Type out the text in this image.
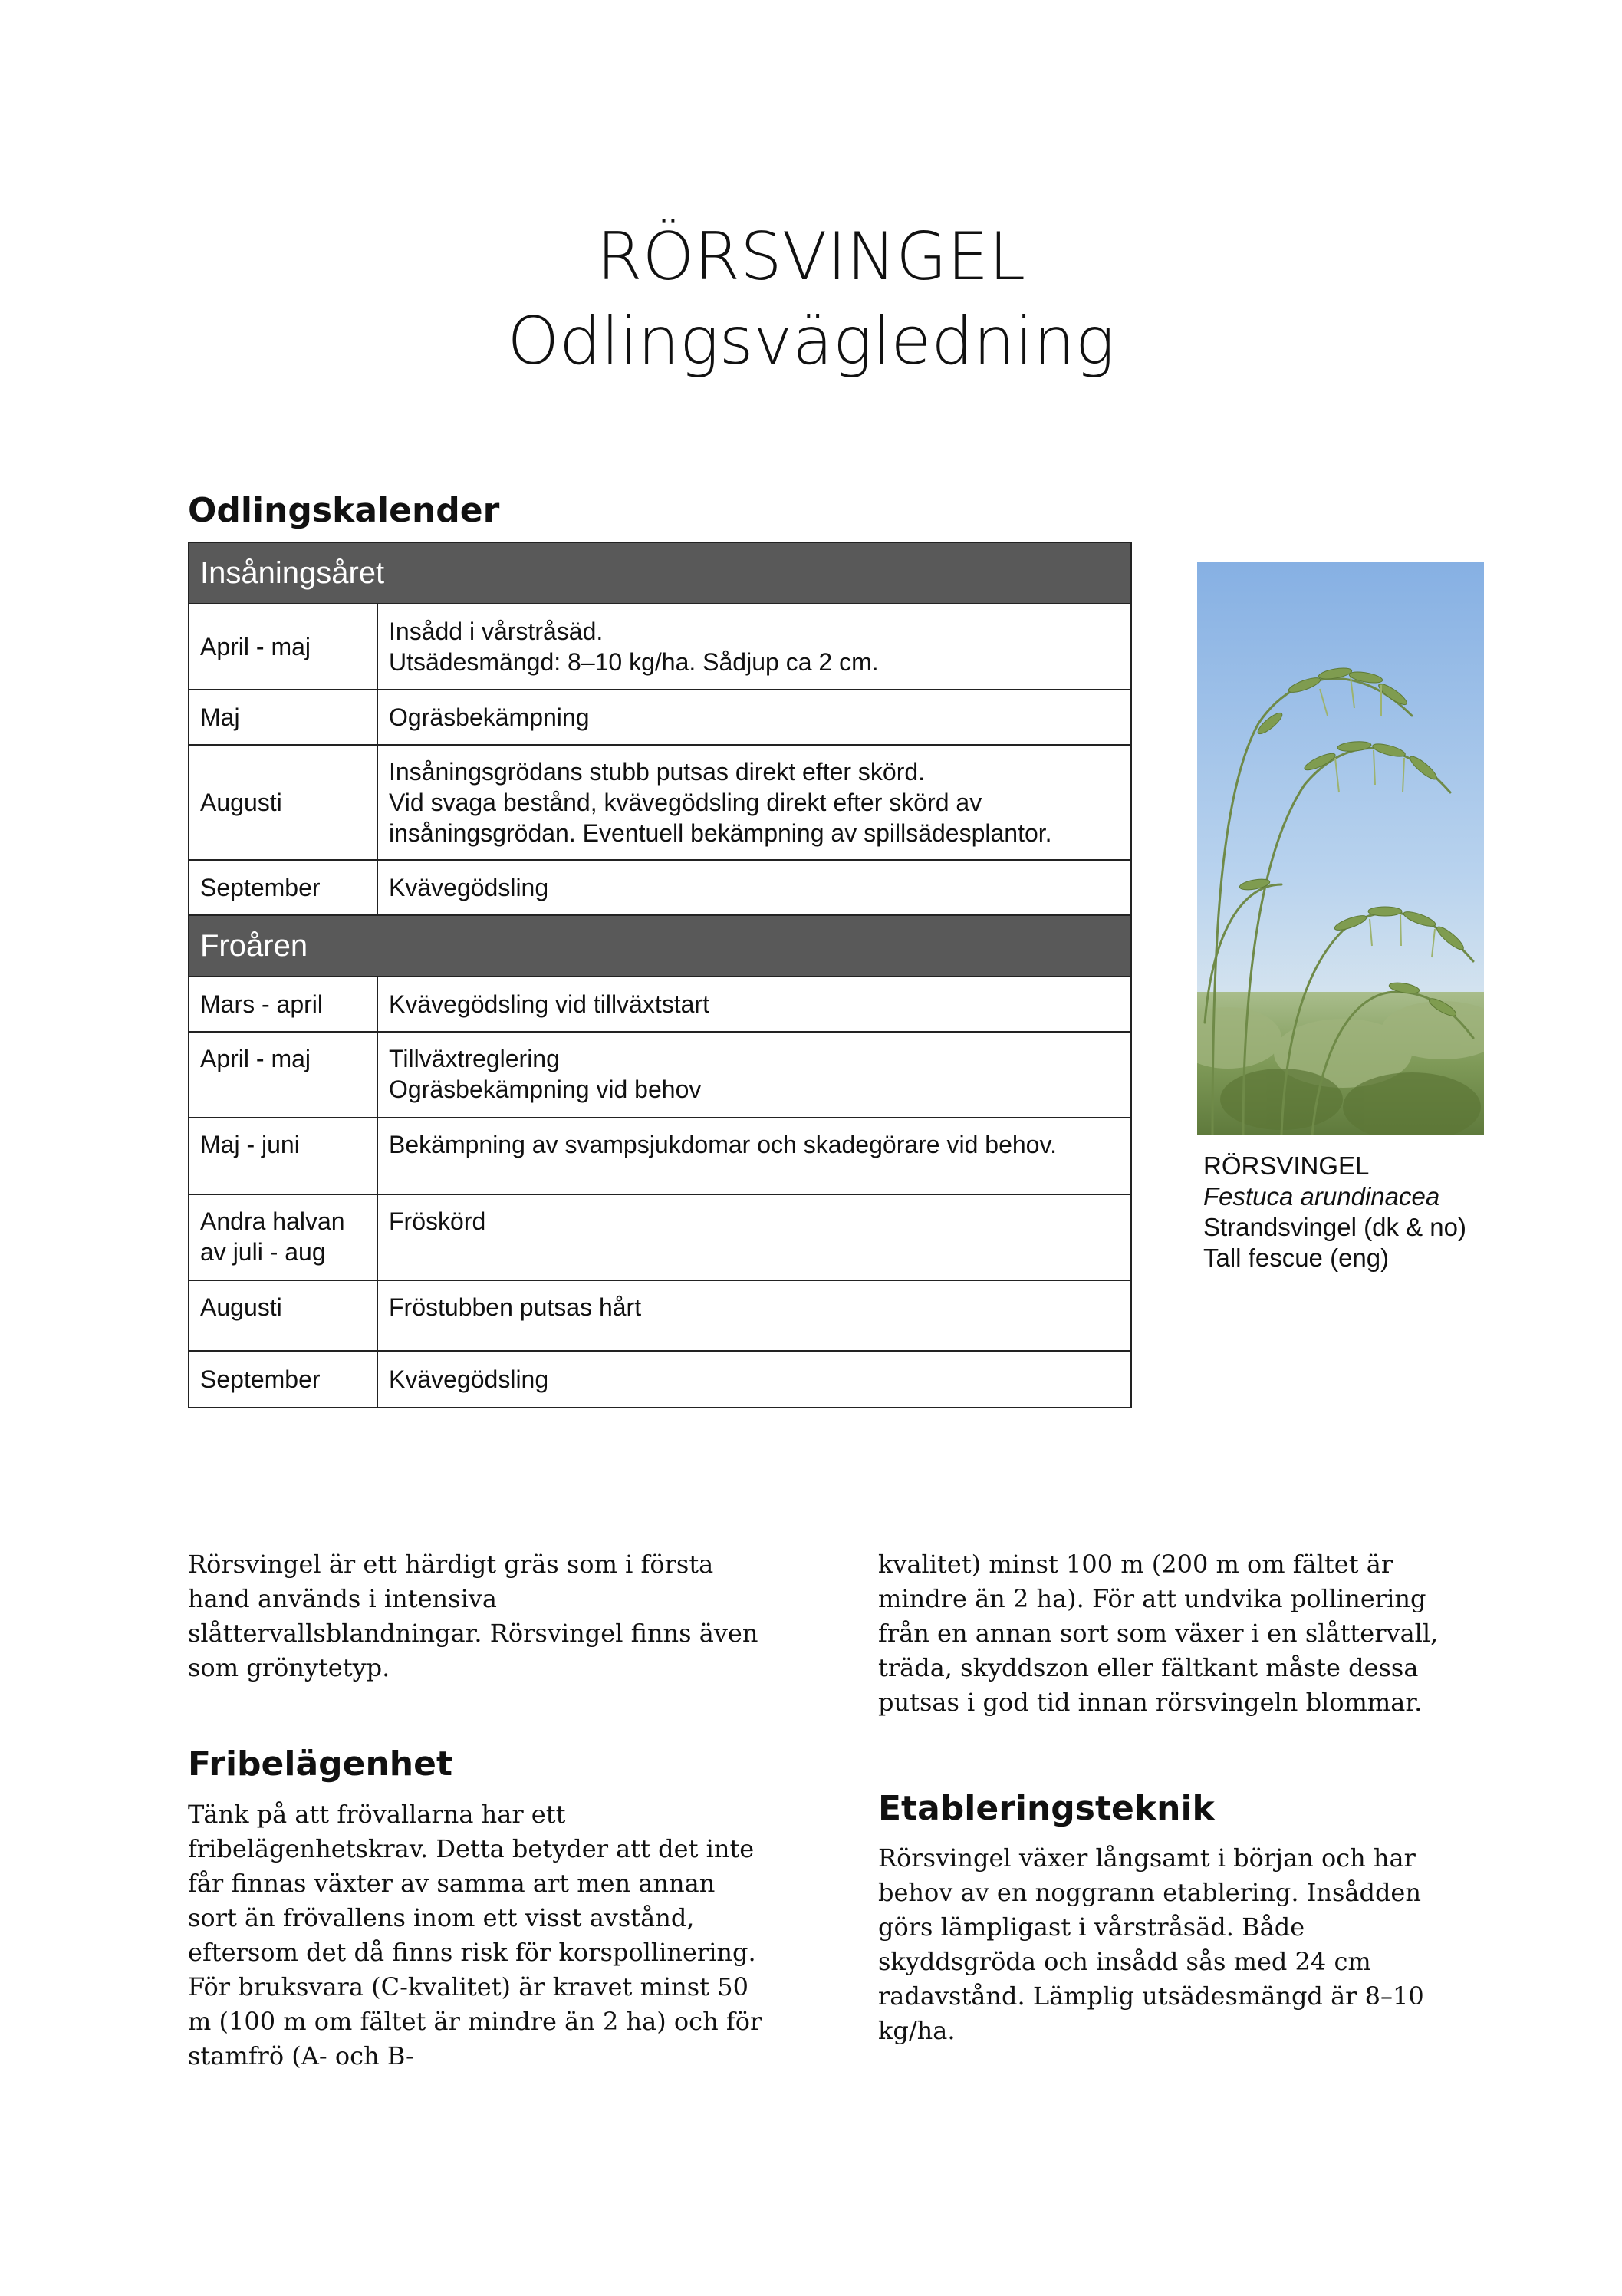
RÖRSVINGEL
Odlingsvägledning
Odlingskalender
Insåningsåret	
April - maj	Insådd i vårstråsäd.
Utsädesmängd: 8–10 kg/ha. Sådjup ca 2 cm.
Maj	Ogräsbekämpning
Augusti	Insåningsgrödans stubb putsas direkt efter skörd.
Vid svaga bestånd, kvävegödsling direkt efter skörd av insåningsgrödan. Eventuell bekämpning av spillsädesplantor.
September	Kvävegödsling
Froåren	
Mars - april	Kvävegödsling vid tillväxtstart
April - maj	Tillväxtreglering
Ogräsbekämpning vid behov
Maj - juni	Bekämpning av svampsjukdomar och skadegörare vid behov.
Andra halvan av juli - aug	Fröskörd
Augusti	Fröstubben putsas hårt
September	Kvävegödsling
RÖRSVINGEL
Festuca arundinacea
Strandsvingel (dk & no)
Tall fescue (eng)

Rörsvingel är ett härdigt gräs som i första hand används i intensiva slåttervallsblandningar. Rörsvingel finns även som grönytetyp.

Fribelägenhet

Tänk på att frövallarna har ett fribelägenhetskrav. Detta betyder att det inte får finnas växter av samma art men annan sort än frövallens inom ett visst avstånd, eftersom det då finns risk för korspollinering. För bruksvara (C-kvalitet) är kravet minst 50 m (100 m om fältet är mindre än 2 ha) och för stamfrö (A- och B-

kvalitet) minst 100 m (200 m om fältet är mindre än 2 ha). För att undvika pollinering från en annan sort som växer i en slåttervall, träda, skyddszon eller fältkant måste dessa putsas i god tid innan rörsvingeln blommar.

Etableringsteknik

Rörsvingel växer långsamt i början och har behov av en noggrann etablering. Insådden görs lämpligast i vårstråsäd. Både skyddsgröda och insådd sås med 24 cm radavstånd. Lämplig utsädesmängd är 8–10 kg/ha.
